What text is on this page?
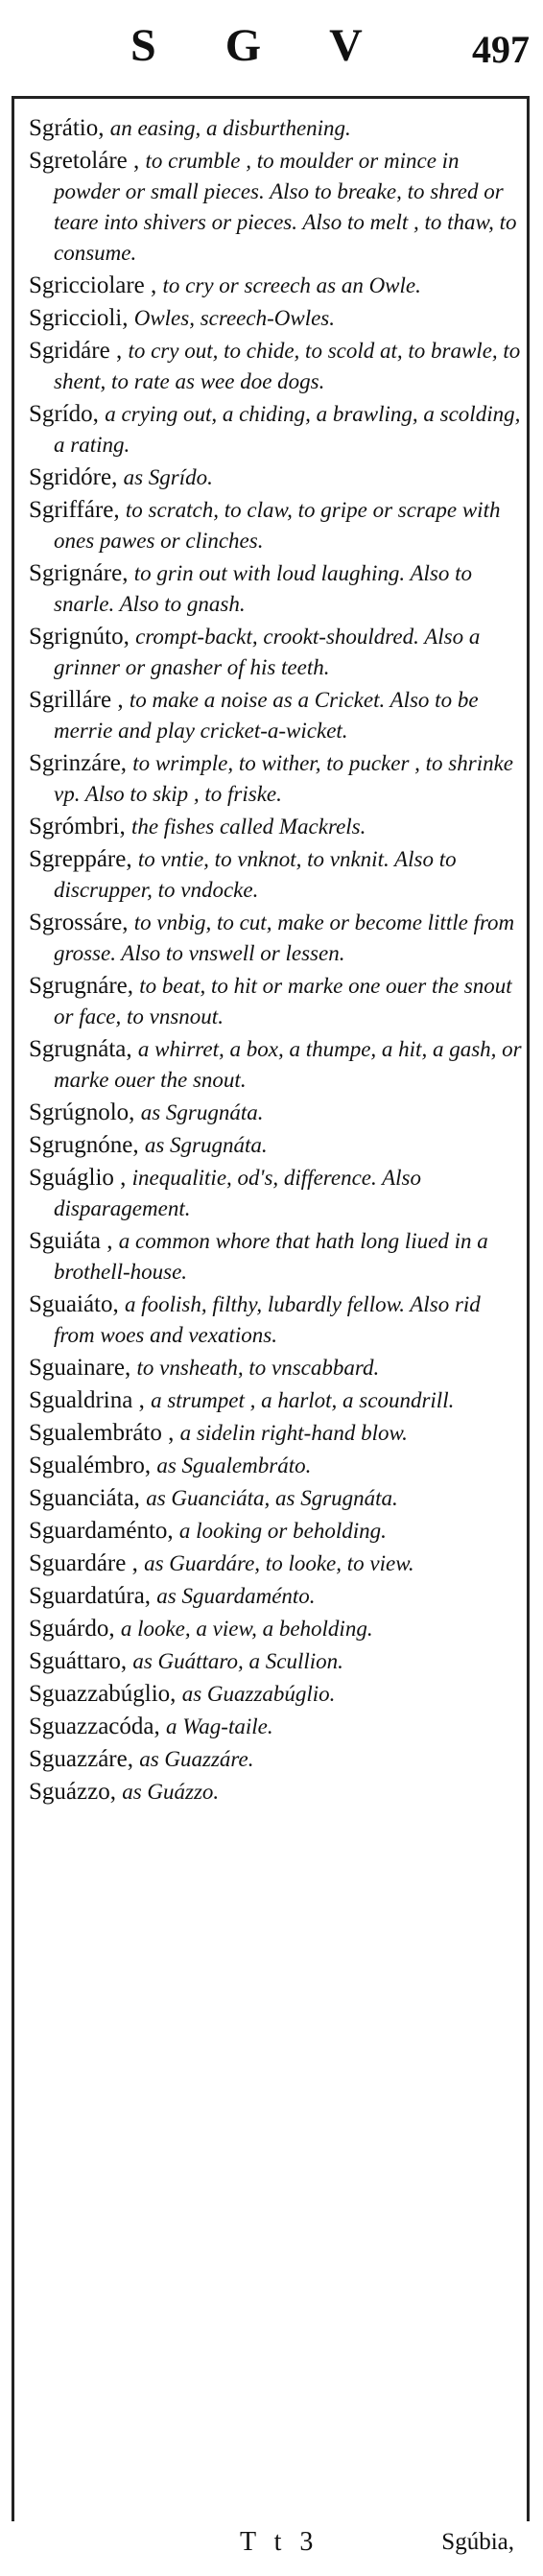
S G V 497

Sgrátio, an easing, a disburthening.

Sgretoláre , to crumble , to moulder or mince in powder or small pieces. Also to breake, to shred or teare into shivers or pieces. Also to melt , to thaw, to consume.

Sgricciolare , to cry or screech as an Owle.

Sgriccioli, Owles, screech-Owles.

Sgridáre , to cry out, to chide, to scold at, to brawle, to shent, to rate as wee doe dogs.

Sgrído, a crying out, a chiding, a brawling, a scolding, a rating.

Sgridóre, as Sgrído.

Sgriffáre, to scratch, to claw, to gripe or scrape with ones pawes or clinches.

Sgrignáre, to grin out with loud laughing. Also to snarle. Also to gnash.

Sgrignúto, crompt-backt, crookt-shouldred. Also a grinner or gnasher of his teeth.

Sgrilláre , to make a noise as a Cricket. Also to be merrie and play cricket-a-wicket.

Sgrinzáre, to wrimple, to wither, to pucker , to shrinke vp. Also to skip , to friske.

Sgrómbri, the fishes called Mackrels.

Sgreppáre, to vntie, to vnknot, to vnknit. Also to discrupper, to vndocke.

Sgrossáre, to vnbig, to cut, make or become little from grosse. Also to vnswell or lessen.

Sgrugnáre, to beat, to hit or marke one ouer the snout or face, to vnsnout.

Sgrugnáta, a whirret, a box, a thumpe, a hit, a gash, or marke ouer the snout.

Sgrúgnolo, as Sgrugnáta.

Sgrugnóne, as Sgrugnáta.

Sguáglio , inequalitie, od's, difference. Also disparagement.

Sguiáta , a common whore that hath long liued in a brothell-house.

Sguaiáto, a foolish, filthy, lubardly fellow. Also rid from woes and vexations.

Sguainare, to vnsheath, to vnscabbard.

Sgualdrina , a strumpet , a harlot, a scoundrill.

Sgualembráto , a sidelin right-hand blow.

Sgualémbro, as Sgualembráto.

Sguanciáta, as Guanciáta, as Sgrugnáta.

Sguardaménto, a looking or beholding.

Sguardáre , as Guardáre, to looke, to view.

Sguardatúra, as Sguardaménto.

Sguárdo, a looke, a view, a beholding.

Sguáttaro, as Guáttaro, a Scullion.

Sguazzabúglio, as Guazzabúglio.

Sguazzacóda, a Wag-taile.

Sguazzáre, as Guazzáre.

Sguázzo, as Guázzo.

T t 3	Sgúbia,
